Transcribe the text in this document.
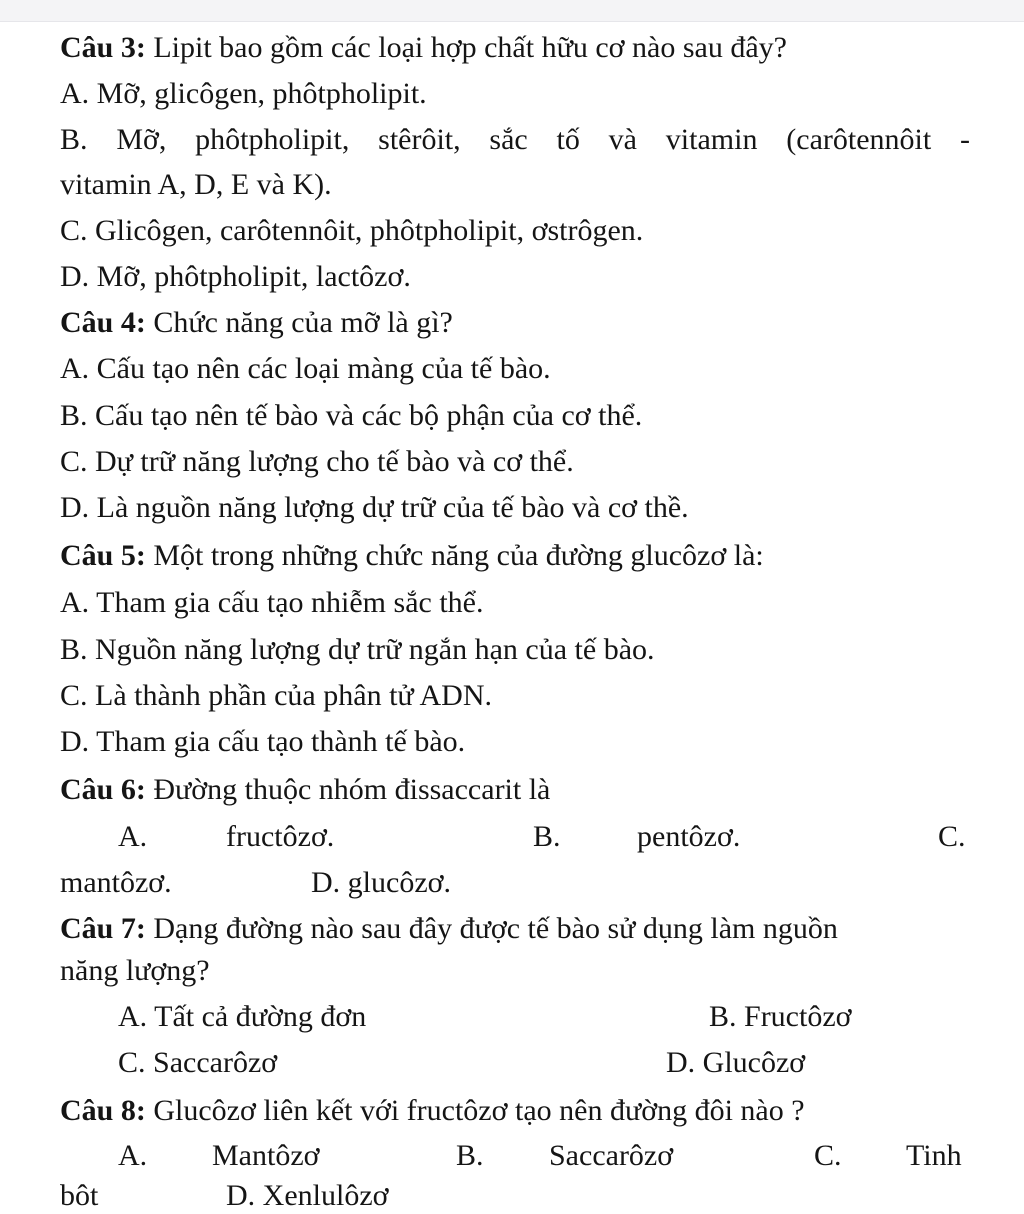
Câu 3: Lipit bao gồm các loại hợp chất hữu cơ nào sau đây?
A. Mỡ, glicôgen, phôtpholipit.
B. Mỡ, phôtpholipit, stêrôit, sắc tố và vitamin (carôtennôit -
vitamin A, D, E và K).
C. Glicôgen, carôtennôit, phôtpholipit, ơstrôgen.
D. Mỡ, phôtpholipit, lactôzơ.
Câu 4: Chức năng của mỡ là gì?
A. Cấu tạo nên các loại màng của tế bào.
B. Cấu tạo nên tế bào và các bộ phận của cơ thể.
C. Dự trữ năng lượng cho tế bào và cơ thể.
D. Là nguồn năng lượng dự trữ của tế bào và cơ thề.
Câu 5: Một trong những chức năng của đường glucôzơ là:
A. Tham gia cấu tạo nhiễm sắc thể.
B. Nguồn năng lượng dự trữ ngắn hạn của tế bào.
C. Là thành phần của phân tử ADN.
D. Tham gia cấu tạo thành tế bào.
Câu 6: Đường thuộc nhóm đissaccarit là
A.	fructôzơ.	B.	pentôzơ.	C.
mantôzơ.	D. glucôzơ.
Câu 7: Dạng đường nào sau đây được tế bào sử dụng làm nguồn
năng lượng?
A. Tất cả đường đơn	B. Fructôzơ
C. Saccarôzơ	D. Glucôzơ
Câu 8: Glucôzơ liên kết với fructôzơ tạo nên đường đôi nào ?
A. Mantôzơ	B. Saccarôzơ	C. Tinh
bôt	D. Xenlulôzơ
